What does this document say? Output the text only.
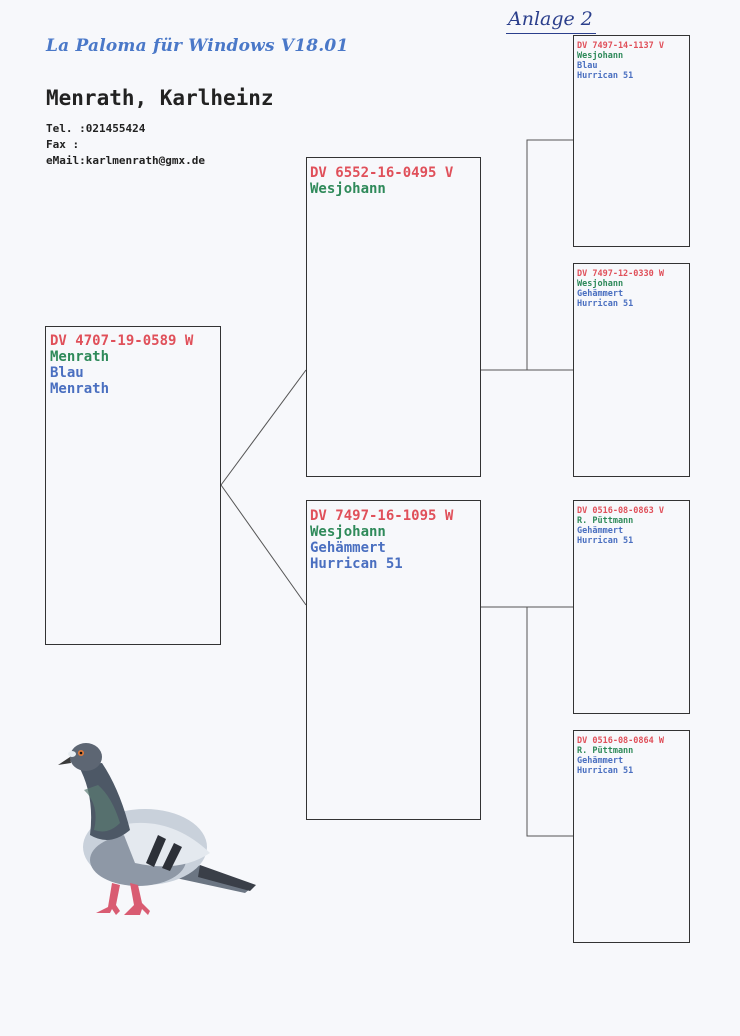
La Paloma für Windows V18.01
Anlage 2
Menrath, Karlheinz
Tel. :021455424
Fax :
eMail:karlmenrath@gmx.de
DV 4707-19-0589 W
Menrath
Blau
Menrath
DV 6552-16-0495 V
Wesjohann
DV 7497-16-1095 W
Wesjohann
Gehämmert
Hurrican 51
DV 7497-14-1137 V
Wesjohann
Blau
Hurrican 51
DV 7497-12-0330 W
Wesjohann
Gehämmert
Hurrican 51
DV 0516-08-0863 V
R. Püttmann
Gehämmert
Hurrican 51
DV 0516-08-0864 W
R. Püttmann
Gehämmert
Hurrican 51
